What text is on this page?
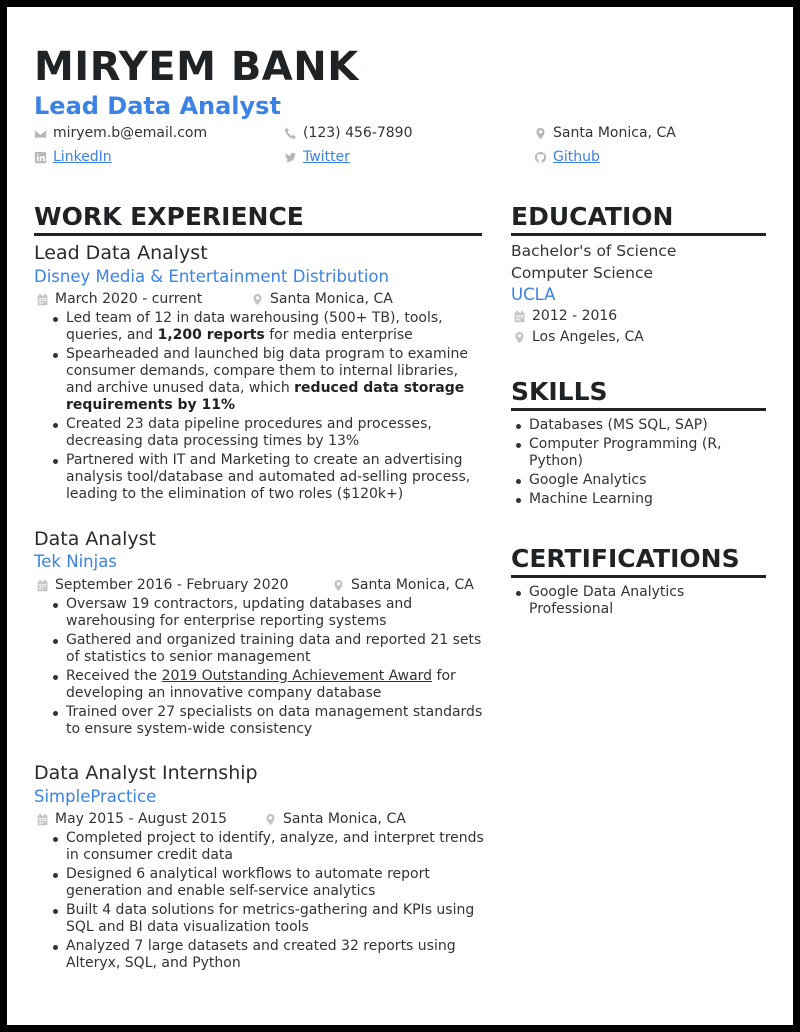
MIRYEM BANK
Lead Data Analyst
miryem.b@email.com	(123) 456-7890	Santa Monica, CA
LinkedIn	Twitter	Github
WORK EXPERIENCE
Lead Data Analyst
Disney Media & Entertainment Distribution
March 2020 - current	Santa Monica, CA
Led team of 12 in data warehousing (500+ TB), tools, queries, and 1,200 reports for media enterprise
Spearheaded and launched big data program to examine consumer demands, compare them to internal libraries, and archive unused data, which reduced data storage requirements by 11%
Created 23 data pipeline procedures and processes, decreasing data processing times by 13%
Partnered with IT and Marketing to create an advertising analysis tool/database and automated ad-selling process, leading to the elimination of two roles ($120k+)
Data Analyst
Tek Ninjas
September 2016 - February 2020	Santa Monica, CA
Oversaw 19 contractors, updating databases and warehousing for enterprise reporting systems
Gathered and organized training data and reported 21 sets of statistics to senior management
Received the 2019 Outstanding Achievement Award for developing an innovative company database
Trained over 27 specialists on data management standards to ensure system-wide consistency
Data Analyst Internship
SimplePractice
May 2015 - August 2015	Santa Monica, CA
Completed project to identify, analyze, and interpret trends in consumer credit data
Designed 6 analytical workflows to automate report generation and enable self-service analytics
Built 4 data solutions for metrics-gathering and KPIs using SQL and BI data visualization tools
Analyzed 7 large datasets and created 32 reports using Alteryx, SQL, and Python
EDUCATION
Bachelor's of Science
Computer Science
UCLA
2012 - 2016
Los Angeles, CA
SKILLS
Databases (MS SQL, SAP)
Computer Programming (R, Python)
Google Analytics
Machine Learning
CERTIFICATIONS
Google Data Analytics Professional
